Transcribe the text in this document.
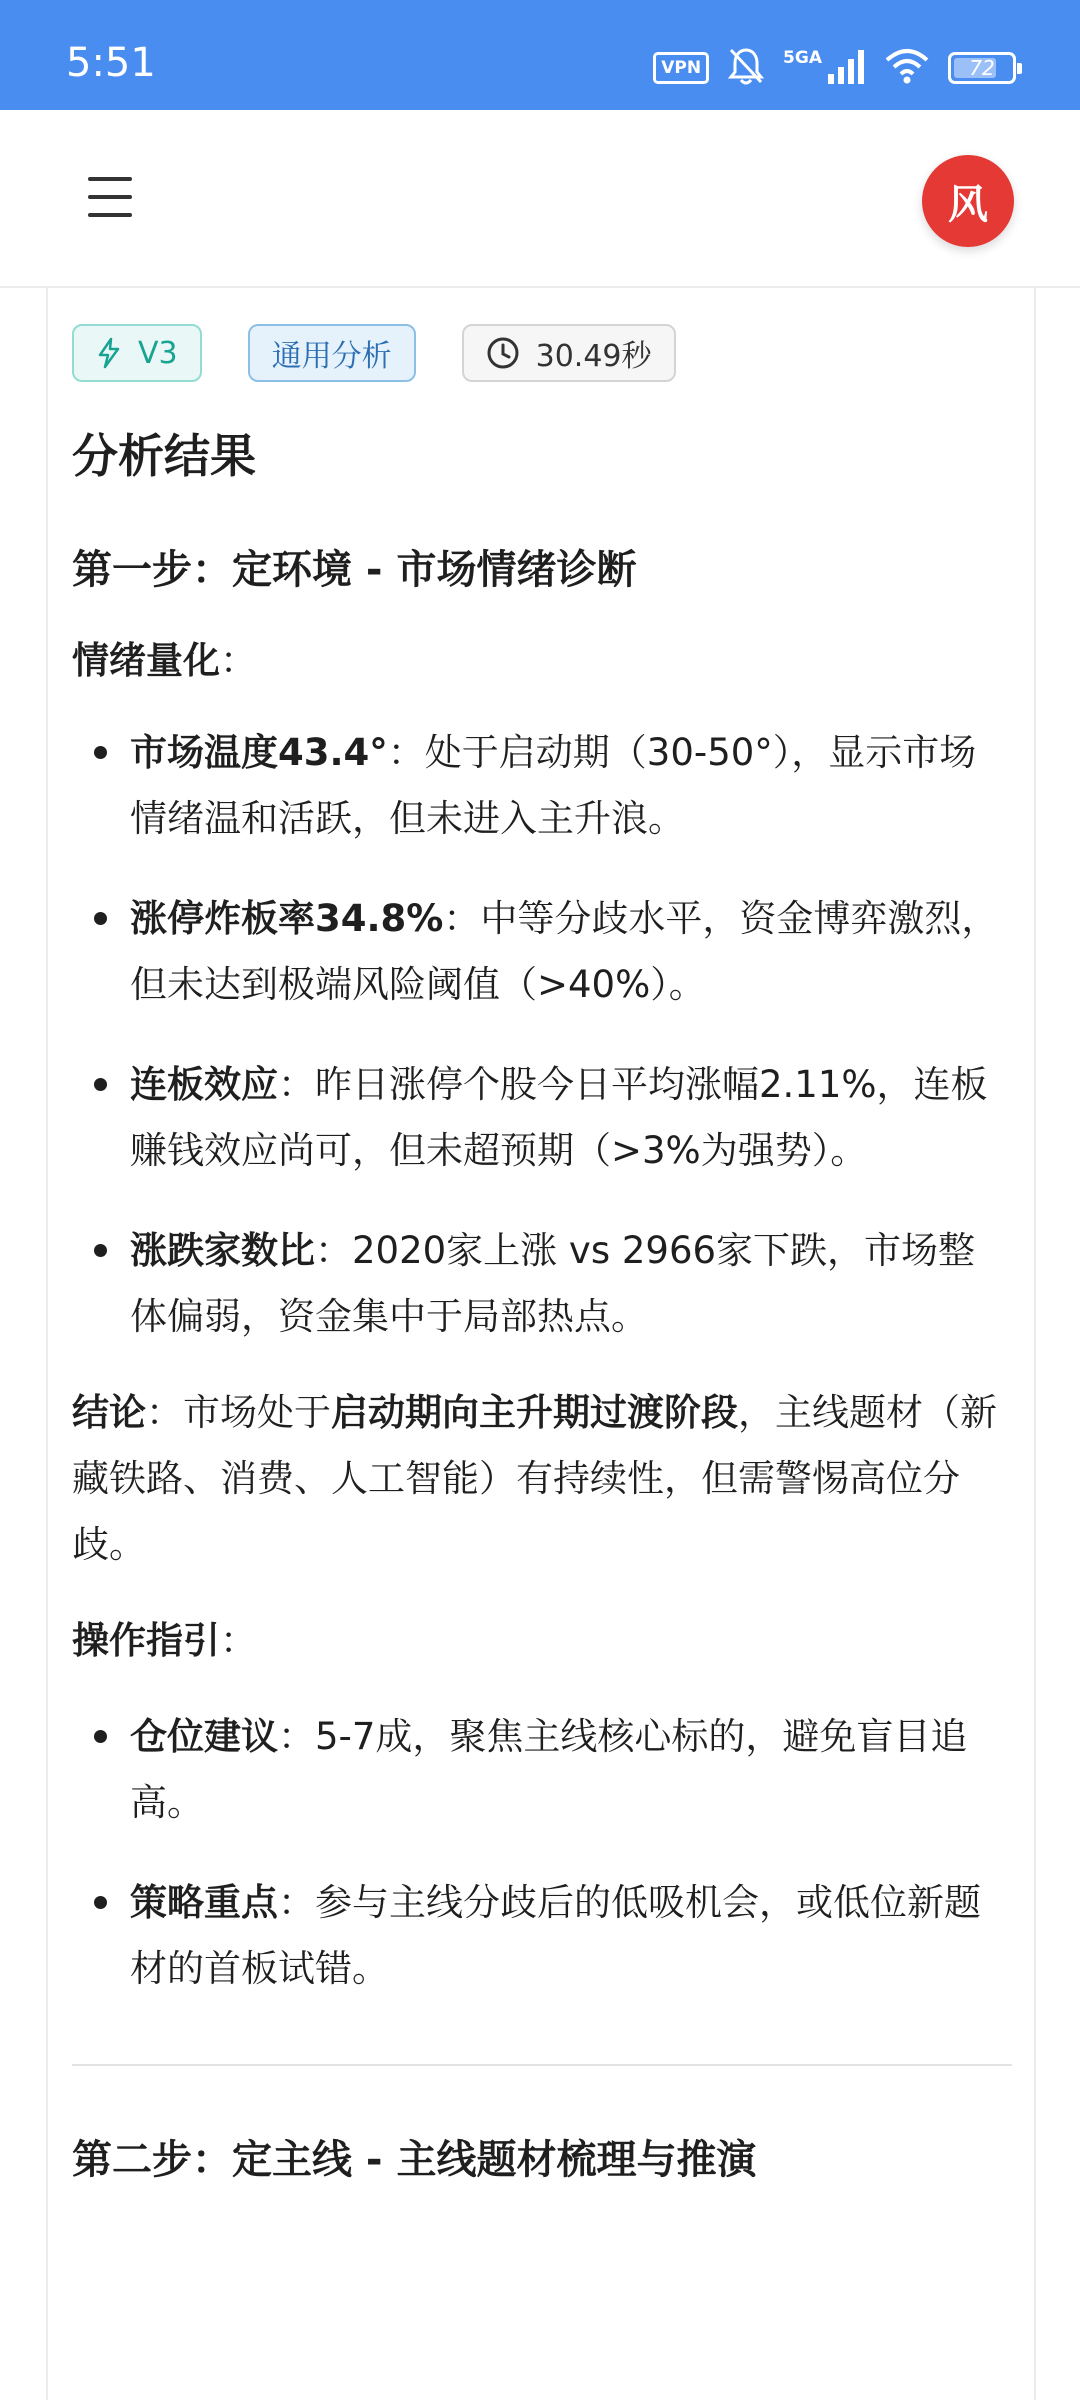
5:51	VPN	5GA	72
风
V3	通用分析	30.49秒
分析结果
第一步：定环境 - 市场情绪诊断

情绪量化：

市场温度43.4°：处于启动期（30-50°），显示市场情绪温和活跃，但未进入主升浪。
涨停炸板率34.8%：中等分歧水平，资金博弈激烈，但未达到极端风险阈值（>40%）。
连板效应：昨日涨停个股今日平均涨幅2.11%，连板赚钱效应尚可，但未超预期（>3%为强势）。
涨跌家数比：2020家上涨 vs 2966家下跌，市场整体偏弱，资金集中于局部热点。

结论：市场处于启动期向主升期过渡阶段，主线题材（新藏铁路、消费、人工智能）有持续性，但需警惕高位分歧。

操作指引：

仓位建议：5-7成，聚焦主线核心标的，避免盲目追高。
策略重点：参与主线分歧后的低吸机会，或低位新题材的首板试错。
第二步：定主线 - 主线题材梳理与推演
